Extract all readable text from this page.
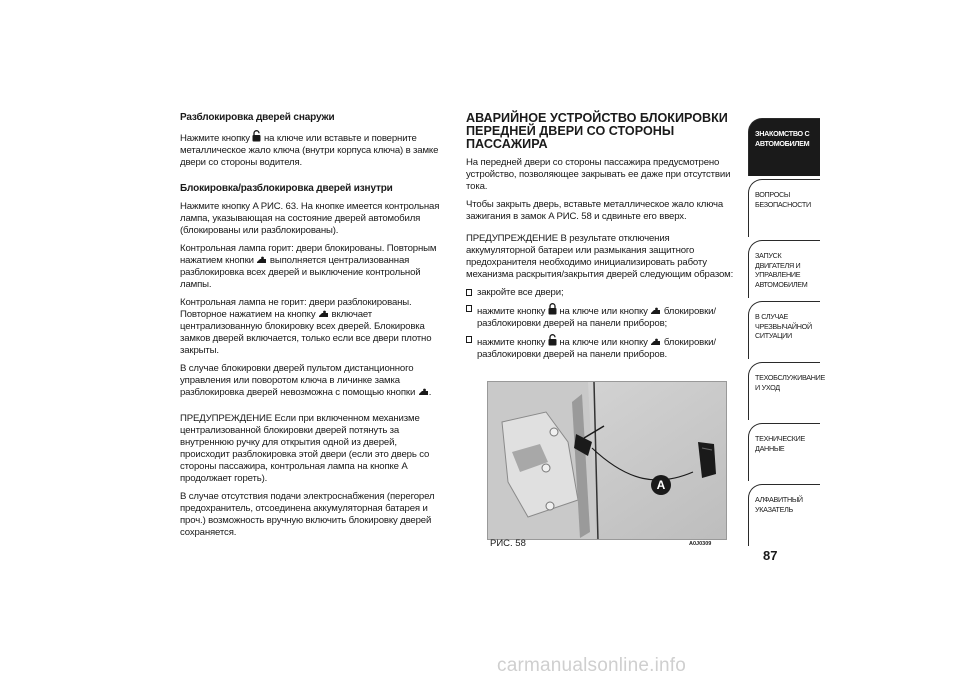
Разблокировка дверей снаружи

Нажмите кнопку на ключе или вставьте и поверните металлическое жало ключа (внутри корпуса ключа) в замке двери со стороны водителя.

Блокировка/разблокировка дверей изнутри

Нажмите кнопку A РИС. 63. На кнопке имеется контрольная лампа, указывающая на состояние дверей автомобиля (блокированы или разблокированы).

Контрольная лампа горит: двери блокированы. Повторным нажатием кнопки выполняется централизованная разблокировка всех дверей и выключение контрольной лампы.

Контрольная лампа не горит: двери разблокированы. Повторное нажатием на кнопку включает централизованную блокировку всех дверей. Блокировка замков дверей включается, только если все двери плотно закрыты.

В случае блокировки дверей пультом дистанционного управления или поворотом ключа в личинке замка разблокировка дверей невозможна с помощью кнопки .

ПРЕДУПРЕЖДЕНИЕ Если при включенном механизме централизованной блокировки дверей потянуть за внутреннюю ручку для открытия одной из дверей, происходит разблокировка этой двери (если это дверь со стороны пассажира, контрольная лампа на кнопке A продолжает гореть).

В случае отсутствия подачи электроснабжения (перегорел предохранитель, отсоединена аккумуляторная батарея и проч.) возможность вручную включить блокировку дверей сохраняется.

АВАРИЙНОЕ УСТРОЙСТВО БЛОКИРОВКИ
ПЕРЕДНЕЙ ДВЕРИ СО СТОРОНЫ ПАССАЖИРА

На передней двери со стороны пассажира предусмотрено устройство, позволяющее закрывать ее даже при отсутствии тока.

Чтобы закрыть дверь, вставьте металлическое жало ключа зажигания в замок A РИС. 58 и сдвиньте его вверх.

ПРЕДУПРЕЖДЕНИЕ В результате отключения аккумуляторной батареи или размыкания защитного предохранителя необходимо инициализировать работу механизма раскрытия/закрытия дверей следующим образом:

закройте все двери;
нажмите кнопку на ключе или кнопку блокировки/разблокировки дверей на панели приборов;
нажмите кнопку на ключе или кнопку блокировки/разблокировки дверей на панели приборов.
A
РИС. 58	A0J0309
ЗНАКОМСТВО С АВТОМОБИЛЕМ
ВОПРОСЫ БЕЗОПАСНОСТИ
ЗАПУСК ДВИГАТЕЛЯ И УПРАВЛЕНИЕ АВТОМОБИЛЕМ
В СЛУЧАЕ ЧРЕЗВЫЧАЙНОЙ СИТУАЦИИ
ТЕХОБСЛУЖИВАНИЕ И УХОД
ТЕХНИЧЕСКИЕ ДАННЫЕ
АЛФАВИТНЫЙ УКАЗАТЕЛЬ
87
carmanualsonline.info
